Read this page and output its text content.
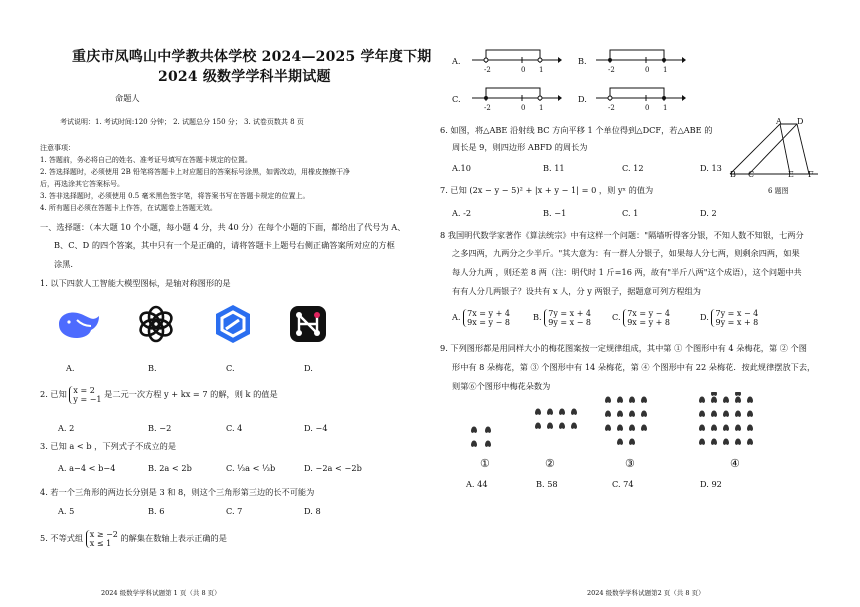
重庆市凤鸣山中学教共体学校 2024—2025 学年度下期
2024 级数学学科半期试题
命题人
考试说明：1. 考试时间:120 分钟； 2. 试题总分 150 分； 3. 试卷页数共 8 页
注意事项：
1. 答题前，务必将自己的姓名、准考证号填写在答题卡规定的位置。
2. 答选择题时，必须使用 2B 铅笔将答题卡上对应题目的答案标号涂黑，如需改动，用橡皮擦擦干净
后，再选涂其它答案标号。
3. 答非选择题时，必须使用 0.5 毫米黑色签字笔，将答案书写在答题卡规定的位置上。
4. 所有题目必须在答题卡上作答，在试题卷上答题无效。
一、选择题：（本大题 10 个小题，每小题 4 分，共 40 分）在每个小题的下面，都给出了代号为 A、
B、C、D 的四个答案，其中只有一个是正确的，请将答题卡上题号右侧正确答案所对应的方框
涂黑.
1. 以下四款人工智能大模型图标，是轴对称图形的是
A.	B.	C.	D.
2. 已知 x = 2
y = −1 是二元一次方程 y + kx = 7 的解，则 k 的值是
A. 2	B. −2	C. 4	D. −4
3. 已知 a < b ，下列式子不成立的是
A. a−4 < b−4	B. 2a < 2b	C. ⅓a < ⅓b	D. −2a < −2b
4. 若一个三角形的两边长分别是 3 和 8，则这个三角形第三边的长不可能为
A. 5	B. 6	C. 7	D. 8
5. 不等式组 x ≥ −2
x ≤ 1 的解集在数轴上表示正确的是
2024 级数学学科试题第 1 页（共 8 页）
A.
-2	0 1
B.
-2	0 1
C.
-2	0 1
D.
-2	0 1
6. 如图，将△ABE 沿射线 BC 方向平移 1 个单位得到△DCF，若△ABE 的
周长是 9，则四边形 ABFD 的周长为
A.10	B. 11	C. 12	D. 13
A D
B C	E F
6 题图
7. 已知 (2x − y − 5)² + |x + y − 1| = 0 ，则 yˣ 的值为
A. -2	B. −1	C. 1	D. 2
8 我国明代数学家著作《算法统宗》中有这样一个问题："隔墙听得客分银，不知人数不知银，七两分
之多四两，九两分之少半斤。"其大意为：有一群人分银子，如果每人分七两，则剩余四两，如果
每人分九两 ，则还差 8 两（注：明代时 1 斤=16 两，故有"半斤八两"这个成语），这个问题中共
有有人分几两银子？设共有 x 人，分 y 两银子，据题意可列方程组为
A. 7x = y + 4
9x = y − 8
B. 7y = x + 4
9y = x − 8
C. 7x = y − 4
9x = y + 8
D. 7y = x − 4
9y = x + 8
9. 下列图形都是用同样大小的梅花图案按一定规律组成，其中第 ① 个图形中有 4 朵梅花，第 ② 个图
形中有 8 朵梅花，第 ③ 个图形中有 14 朵梅花，第 ④ 个图形中有 22 朵梅花．按此规律摆放下去，
则第⑥个图形中梅花朵数为
①	②	③	④
A. 44	B. 58	C. 74	D. 92
2024 级数学学科试题第2 页（共 8 页）
